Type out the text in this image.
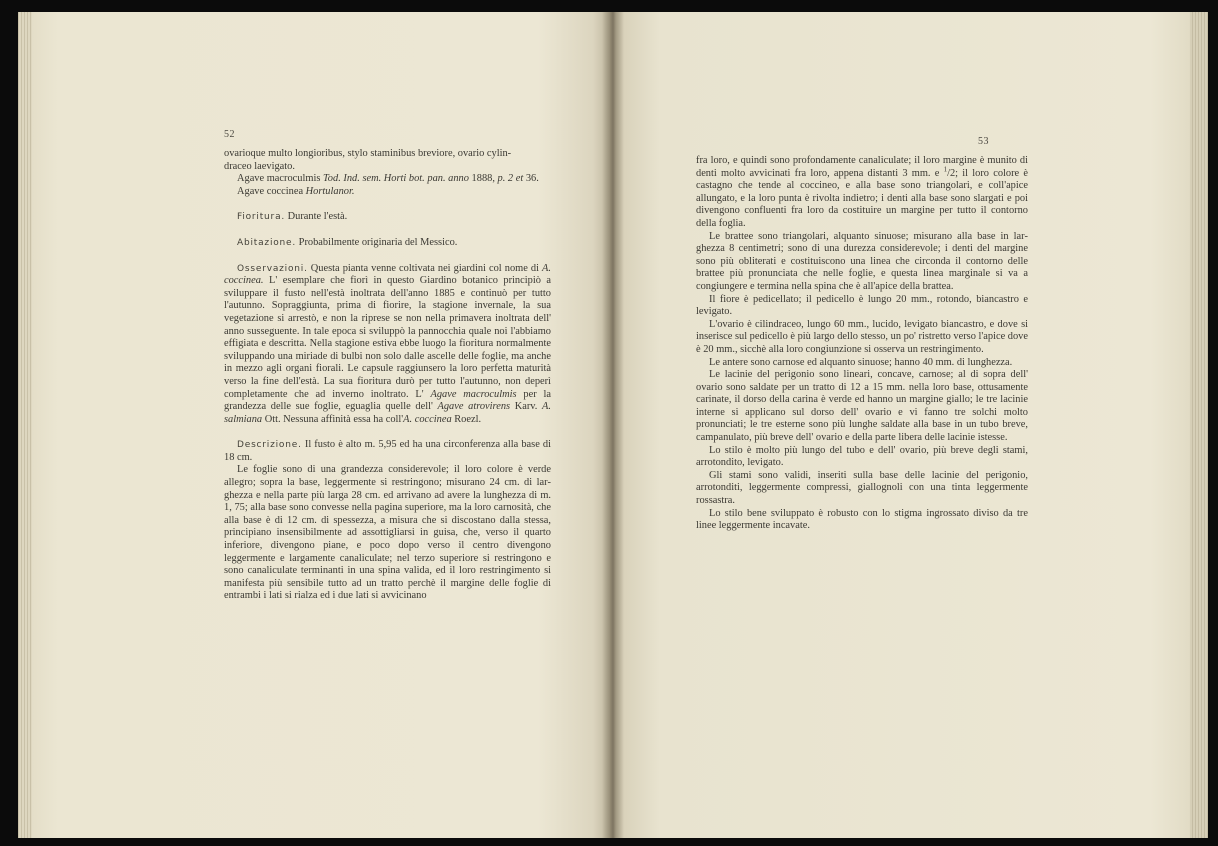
52

ovarioque multo longioribus, stylo staminibus breviore, ovario cylin-

draceo laevigato.

Agave macroculmis Tod. Ind. sem. Horti bot. pan. anno 1888, p. 2 et 36.

Agave coccinea Hortulanor.

Fioritura. Durante l'està.

Abitazione. Probabilmente originaria del Messico.

Osservazioni. Questa pianta venne coltivata nei giardini col nome di A. coccinea. L' esemplare che fiorì in questo Giardino botanico principiò a sviluppare il fusto nell'està inoltrata dell'anno 1885 e continuò per tutto l'autunno. Sopraggiunta, prima di fiorire, la stagione invernale, la sua vegetazione si arrestò, e non la riprese se non nella primavera inoltrata dell' anno susseguente. In tale epoca si sviluppò la pannocchia quale noi l'abbiamo effigiata e descritta. Nella stagione estiva ebbe luogo la fioritura normalmente sviluppando una miriade di bulbi non solo dalle ascelle delle foglie, ma anche in mezzo agli organi fiorali. Le capsule raggiunsero la loro perfetta maturità verso la fine dell'està. La sua fioritura durò per tutto l'autunno, non deperì completamente che ad inverno inoltrato. L' Agave macroculmis per la grandezza delle sue foglie, eguaglia quelle dell' Agave atrovirens Karv. A. salmiana Ott. Nessuna affinità essa ha coll'A. coccinea Roezl.

Descrizione. Il fusto è alto m. 5,95 ed ha una circonferenza alla base di 18 cm.

Le foglie sono di una grandezza considerevole; il loro colore è verde allegro; sopra la base, leggermente si restringono; misurano 24 cm. di larghezza e nella parte più larga 28 cm. ed arrivano ad avere la lunghezza di m. 1, 75; alla base sono convesse nella pagina superiore, ma la loro carnosità, che alla base è di 12 cm. di spessezza, a misura che si discostano dalla stessa, principiano insensibilmente ad assottigliarsi in guisa, che, verso il quarto inferiore, divengono piane, e poco dopo verso il centro divengono leggermente e largamente canaliculate; nel terzo superiore si restringono e sono canaliculate terminanti in una spina valida, ed il loro restringimento si manifesta più sensibile tutto ad un tratto perchè il margine delle foglie di entrambi i lati si rialza ed i due lati si avvicinano

53

fra loro, e quindi sono profondamente canaliculate; il loro margine è munito di denti molto avvicinati fra loro, appena distanti 3 mm. e $^1$/2; il loro colore è castagno che tende al coccineo, e alla base sono triangolari, e coll'apice allungato, e la loro punta è rivolta indietro; i denti alla base sono slargati e poi divengono confluenti fra loro da costituire un margine per tutto il contorno della foglia.

Le brattee sono triangolari, alquanto sinuose; misurano alla base in larghezza 8 centimetri; sono di una durezza considerevole; i denti del margine sono più obliterati e costituiscono una linea che circonda il contorno delle brattee più pronunciata che nelle foglie, e questa linea marginale si va a congiungere e termina nella spina che è all'apice della brattea.

Il fiore è pedicellato; il pedicello è lungo 20 mm., rotondo, biancastro e levigato.

L'ovario è cilindraceo, lungo 60 mm., lucido, levigato biancastro, e dove si inserisce sul pedicello è più largo dello stesso, un po' ristretto verso l'apice dove è 20 mm., sicchè alla loro congiunzione si osserva un restringimento.

Le antere sono carnose ed alquanto sinuose; hanno 40 mm. di lunghezza.

Le lacinie del perigonio sono lineari, concave, carnose; al di sopra dell' ovario sono saldate per un tratto di 12 a 15 mm. nella loro base, ottusamente carinate, il dorso della carina è verde ed hanno un margine giallo; le tre lacinie interne si applicano sul dorso dell' ovario e vi fanno tre solchi molto pronunciati; le tre esterne sono più lunghe saldate alla base in un tubo breve, campanulato, più breve dell' ovario e della parte libera delle lacinie istesse.

Lo stilo è molto più lungo del tubo e dell' ovario, più breve degli stami, arrotondito, levigato.

Gli stami sono validi, inseriti sulla base delle lacinie del perigonio, arrotonditi, leggermente compressi, giallognoli con una tinta leggermente rossastra.

Lo stilo bene sviluppato è robusto con lo stigma ingrossato diviso da tre linee leggermente incavate.
